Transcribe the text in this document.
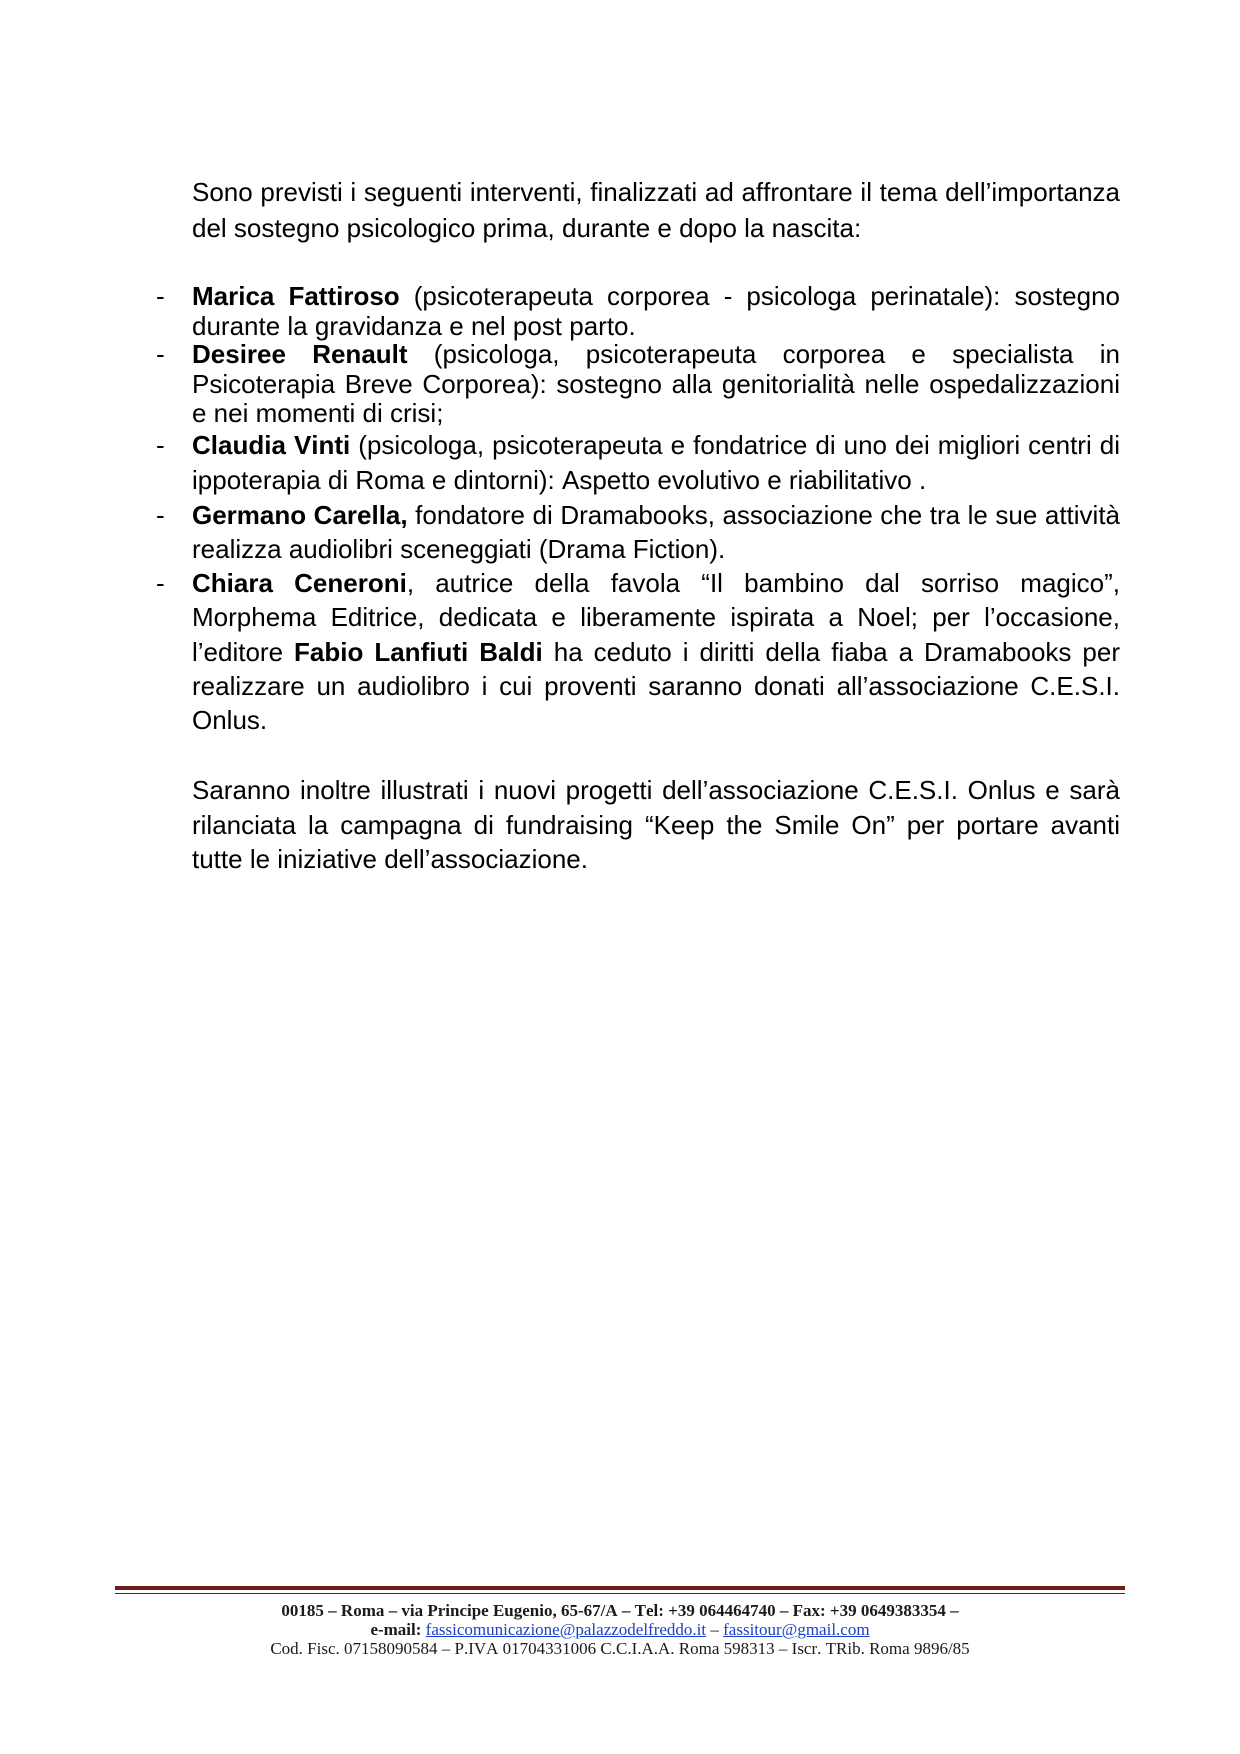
Sono previsti i seguenti interventi, finalizzati ad affrontare il tema dell’importanza del sostegno psicologico prima, durante e dopo la nascita:

- Marica Fattiroso (psicoterapeuta corporea - psicologa perinatale): sostegno durante la gravidanza e nel post parto.
- Desiree Renault (psicologa, psicoterapeuta corporea e specialista in Psicoterapia Breve Corporea): sostegno alla genitorialità nelle ospedalizzazioni e nei momenti di crisi;
- Claudia Vinti (psicologa, psicoterapeuta e fondatrice di uno dei migliori centri di ippoterapia di Roma e dintorni): Aspetto evolutivo e riabilitativo .
- Germano Carella, fondatore di Dramabooks, associazione che tra le sue attività realizza audiolibri sceneggiati (Drama Fiction).
- Chiara Ceneroni, autrice della favola “Il bambino dal sorriso magico”, Morphema Editrice, dedicata e liberamente ispirata a Noel; per l’occasione, l’editore Fabio Lanfiuti Baldi ha ceduto i diritti della fiaba a Dramabooks per realizzare un audiolibro i cui proventi saranno donati all’associazione C.E.S.I. Onlus.

Saranno inoltre illustrati i nuovi progetti dell’associazione C.E.S.I. Onlus e sarà rilanciata la campagna di fundraising “Keep the Smile On” per portare avanti tutte le iniziative dell’associazione.

00185 – Roma – via Principe Eugenio, 65-67/A – Tel: +39 064464740 – Fax: +39 0649383354 –
e-mail: fassicomunicazione@palazzodelfreddo.it – fassitour@gmail.com
Cod. Fisc. 07158090584 – P.IVA 01704331006 C.C.I.A.A. Roma 598313 – Iscr. TRib. Roma 9896/85
